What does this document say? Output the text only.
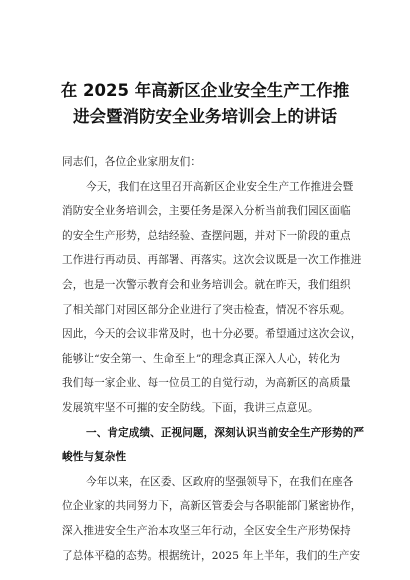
在 2025 年高新区企业安全生产工作推
进会暨消防安全业务培训会上的讲话
同志们，各位企业家朋友们：
今天，我们在这里召开高新区企业安全生产工作推进会暨
消防安全业务培训会，主要任务是深入分析当前我们园区面临
的安全生产形势，总结经验、查摆问题，并对下一阶段的重点
工作进行再动员、再部署、再落实。这次会议既是一次工作推进
会，也是一次警示教育会和业务培训会。就在昨天，我们组织
了相关部门对园区部分企业进行了突击检查，情况不容乐观。
因此，今天的会议非常及时，也十分必要。希望通过这次会议，
能够让“安全第一、生命至上”的理念真正深入人心，转化为
我们每一家企业、每一位员工的自觉行动，为高新区的高质量
发展筑牢坚不可摧的安全防线。下面，我讲三点意见。
一、肯定成绩、正视问题，深刻认识当前安全生产形势的严
峻性与复杂性
今年以来，在区委、区政府的坚强领导下，在我们在座各
位企业家的共同努力下，高新区管委会与各职能部门紧密协作，
深入推进安全生产治本攻坚三年行动，全区安全生产形势保持
了总体平稳的态势。根据统计，2025 年上半年，我们的生产安
